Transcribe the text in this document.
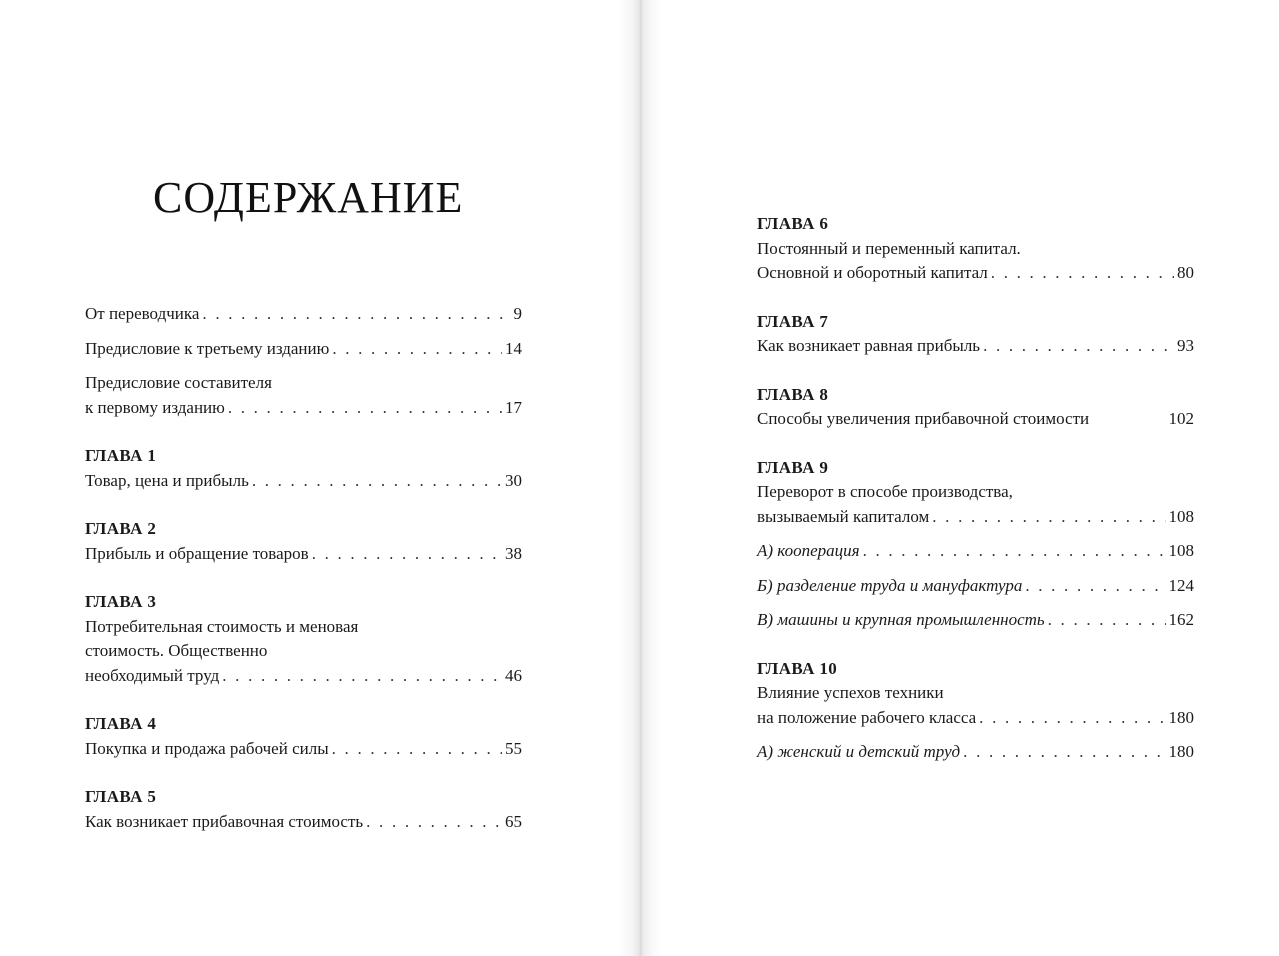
СОДЕРЖАНИЕ
От переводчика . . .	9
Предисловие к третьему изданию . . .	14
Предисловие составителя
к первому изданию . . .	17
ГЛАВА 1
Товар, цена и прибыль . . .	30
ГЛАВА 2
Прибыль и обращение товаров . . .	38
ГЛАВА 3
Потребительная стоимость и меновая
стоимость. Общественно
необходимый труд . . .	46
ГЛАВА 4
Покупка и продажа рабочей силы . . .	55
ГЛАВА 5
Как возникает прибавочная стоимость . . .	65
ГЛАВА 6
Постоянный и переменный капитал.
Основной и оборотный капитал . . .	80
ГЛАВА 7
Как возникает равная прибыль . . .	93
ГЛАВА 8
Способы увеличения прибавочной стоимости	102
ГЛАВА 9
Переворот в способе производства,
вызываемый капиталом . . .	108
А) кооперация . . .	108
Б) разделение труда и мануфактура . . .	124
В) машины и крупная промышленность . . .	162
ГЛАВА 10
Влияние успехов техники
на положение рабочего класса . . .	180
А) женский и детский труд . . .	180
